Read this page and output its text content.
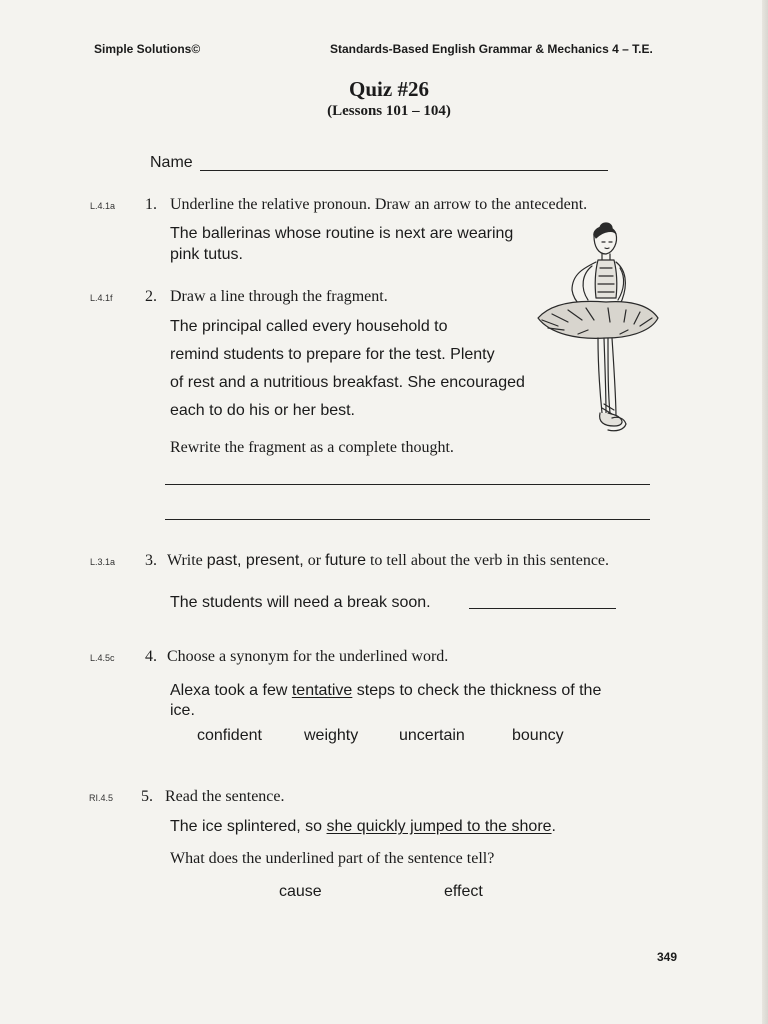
Simple Solutions©	Standards-Based English Grammar & Mechanics 4 – T.E.
Quiz #26
(Lessons 101 – 104)
Name
L.4.1a 1. Underline the relative pronoun. Draw an arrow to the antecedent.
The ballerinas whose routine is next are wearing
pink tutus.
L.4.1f 2. Draw a line through the fragment.
The principal called every household to
remind students to prepare for the test. Plenty
of rest and a nutritious breakfast. She encouraged
each to do his or her best.
Rewrite the fragment as a complete thought.
L.3.1a 3. Write past, present, or future to tell about the verb in this sentence.
The students will need a break soon.
L.4.5c 4. Choose a synonym for the underlined word.
Alexa took a few tentative steps to check the thickness of the
ice.
confident	weighty	uncertain	bouncy
RI.4.5 5. Read the sentence.
The ice splintered, so she quickly jumped to the shore.
What does the underlined part of the sentence tell?
cause	effect
349
